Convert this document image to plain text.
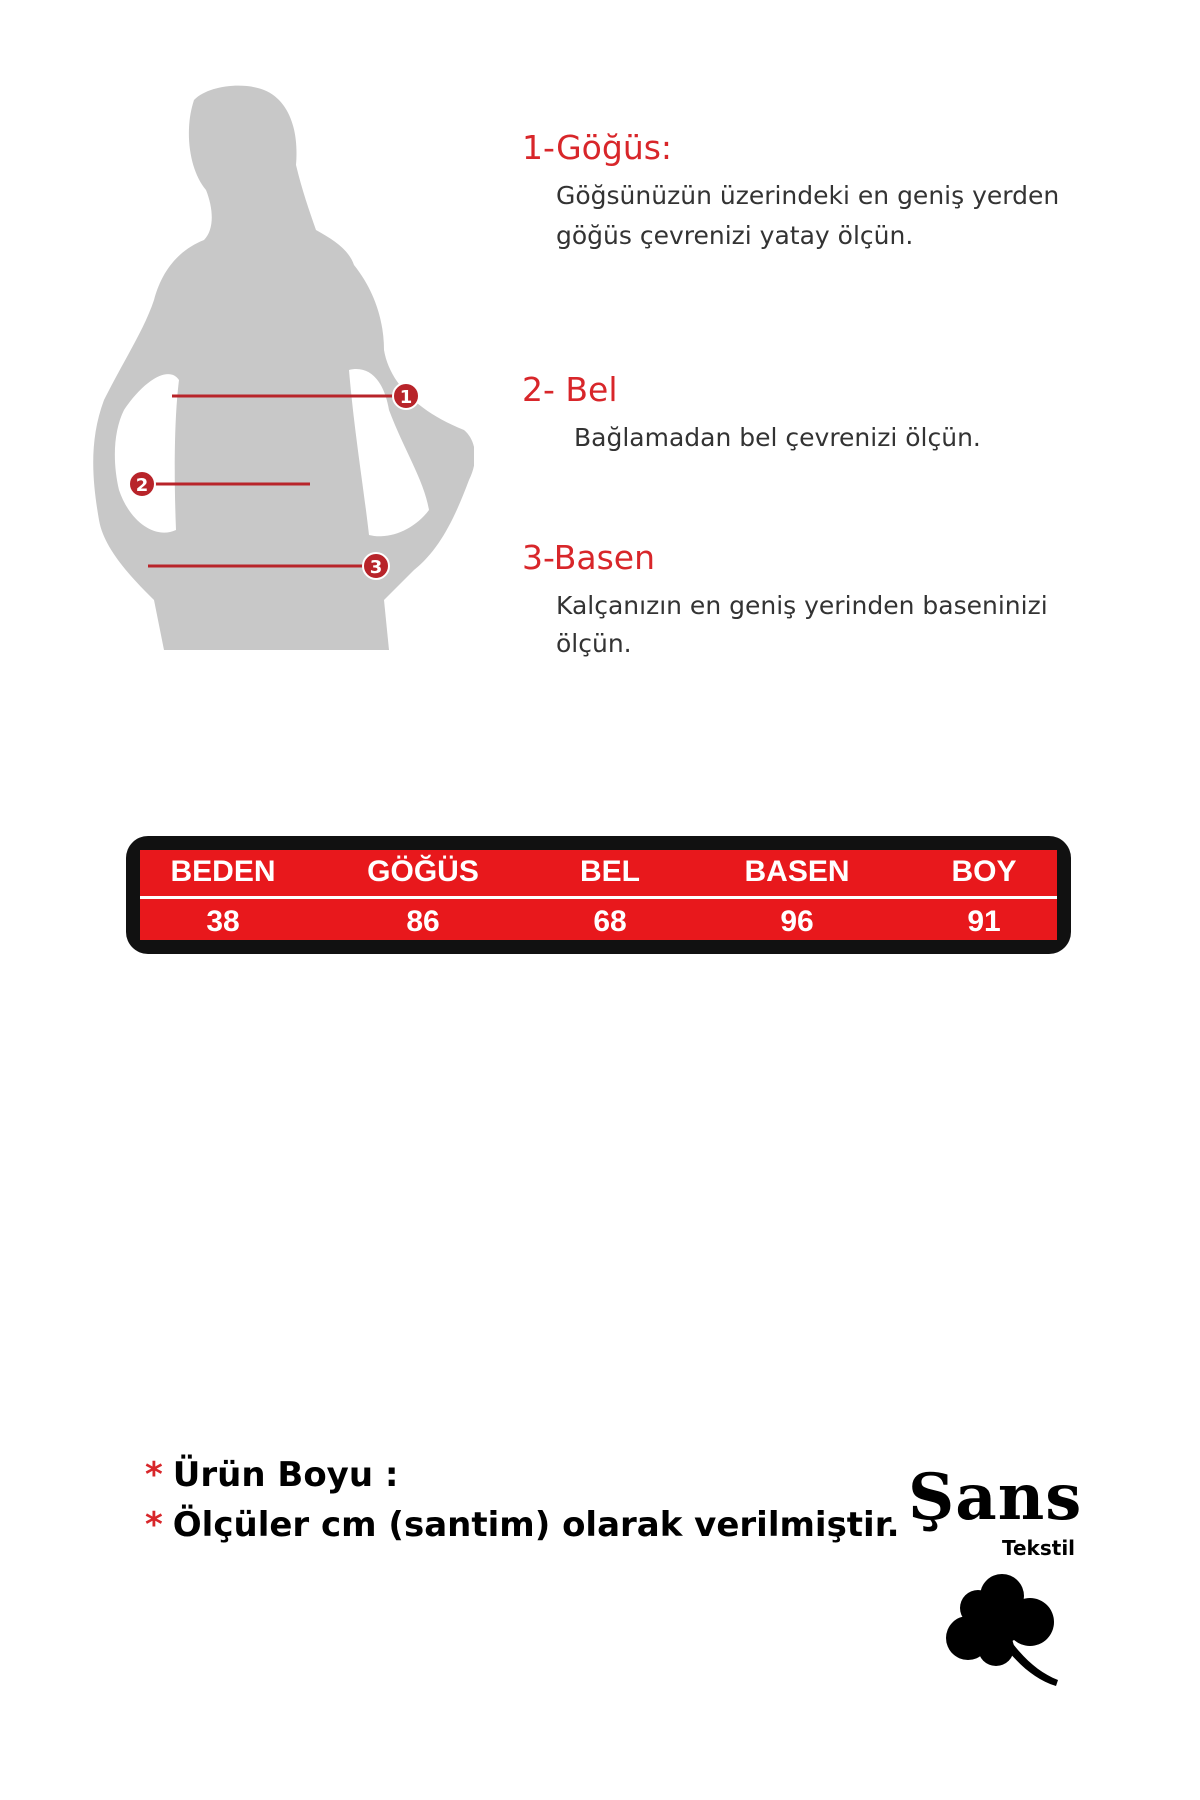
1
2
3
1-Göğüs:

Göğsünüzün üzerindeki en geniş yerden

göğüs çevrenizi yatay ölçün.

2- Bel

Bağlamadan bel çevrenizi ölçün.

3-Basen

Kalçanızın en geniş yerinden baseninizi

ölçün.

BEDEN	GÖĞÜS	BEL	BASEN	BOY
38	86	68	96	91
* Ürün Boyu :
* Ölçüler cm (santim) olarak verilmiştir. Şans
Tekstil
